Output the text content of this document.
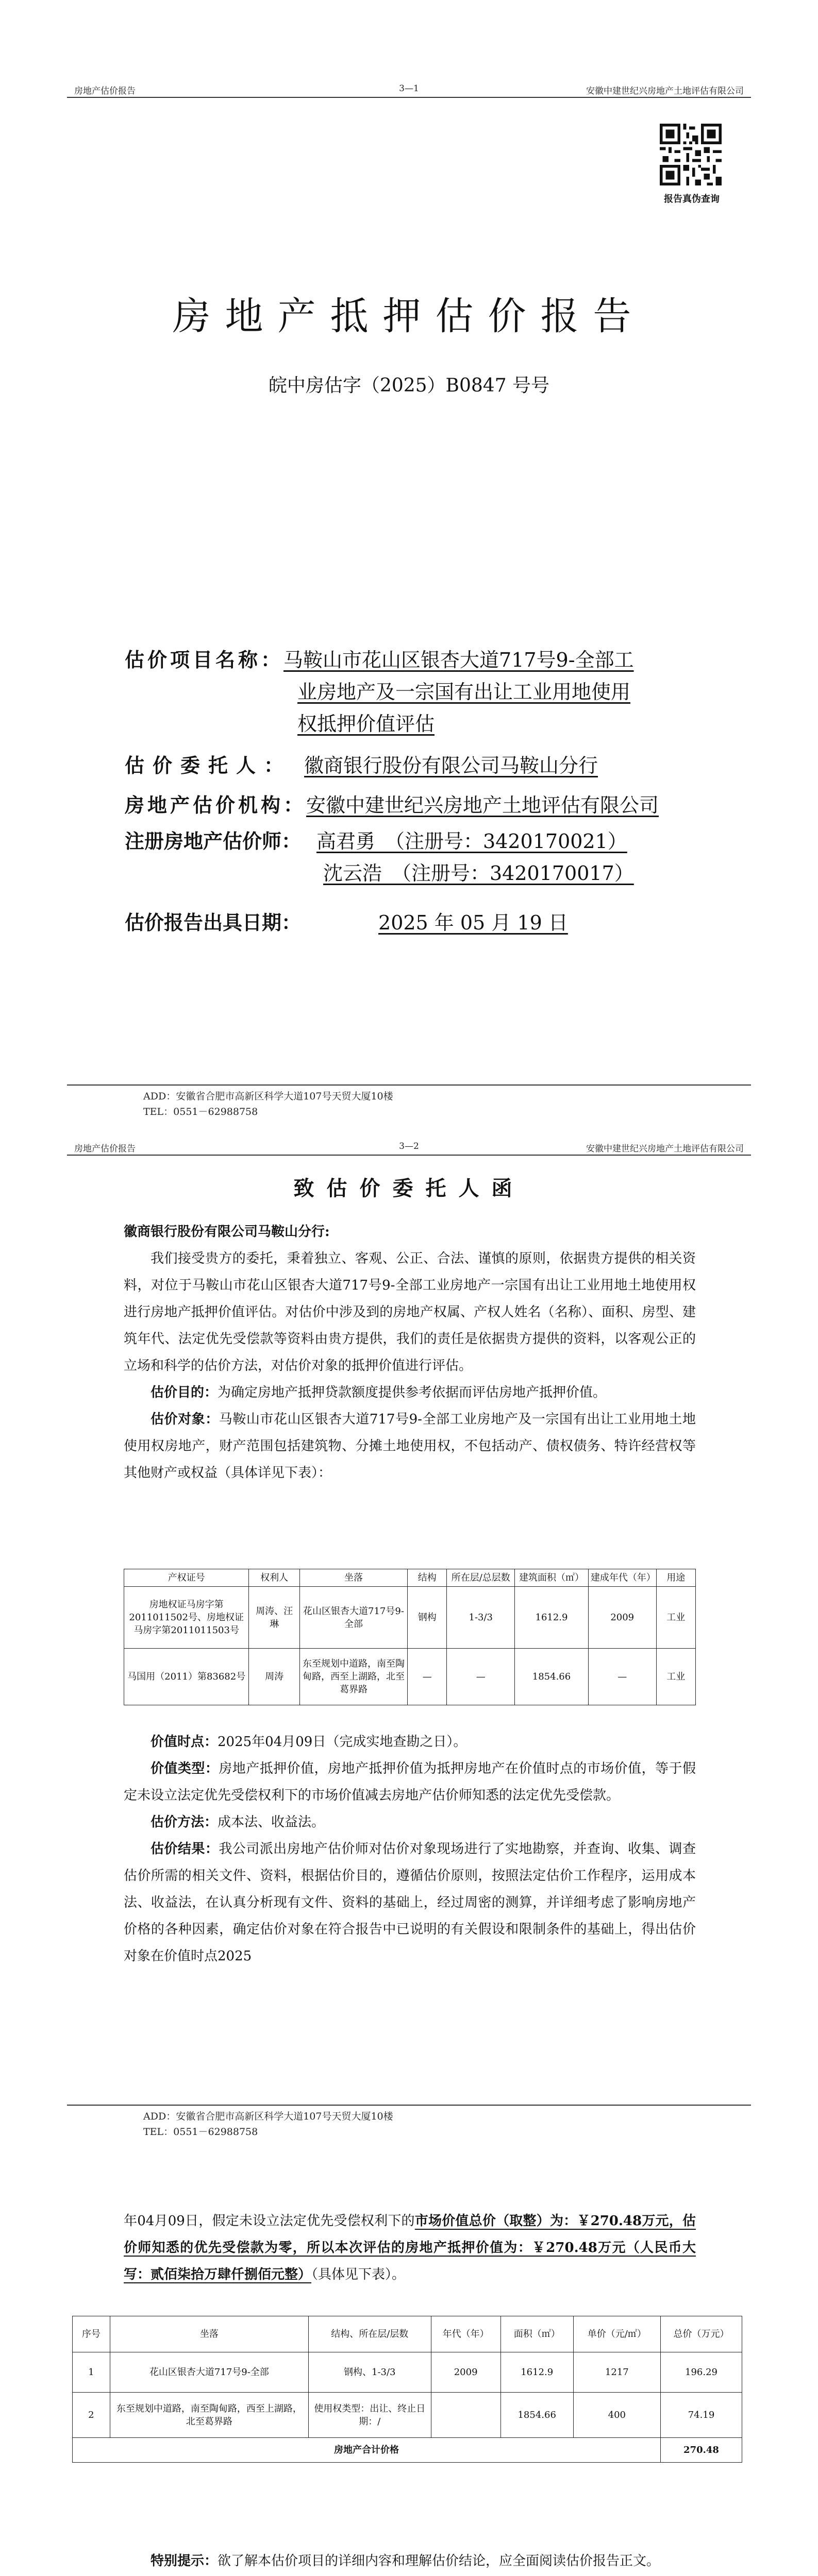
房地产估价报告	3—1	安徽中建世纪兴房地产土地评估有限公司
报告真伪查询
房地产抵押估价报告
皖中房估字（2025）B0847 号号
估价项目名称：马鞍山市花山区银杏大道717号9-全部工
业房地产及一宗国有出让工业用地使用
权抵押价值评估
估价委托人： 徽商银行股份有限公司马鞍山分行
房地产估价机构：安徽中建世纪兴房地产土地评估有限公司
注册房地产估价师： 高君勇　（注册号：3420170021）
沈云浩　（注册号：3420170017）
估价报告出具日期：	2025 年 05 月 19 日
ADD：安徽省合肥市高新区科学大道107号天贸大厦10楼
TEL：0551－62988758
房地产估价报告	3—2	安徽中建世纪兴房地产土地评估有限公司
致估价委托人函
徽商银行股份有限公司马鞍山分行:

我们接受贵方的委托，秉着独立、客观、公正、合法、谨慎的原则，依据贵方提供的相关资料，对位于马鞍山市花山区银杏大道717号9-全部工业房地产一宗国有出让工业用地土地使用权进行房地产抵押价值评估。对估价中涉及到的房地产权属、产权人姓名（名称）、面积、房型、建筑年代、法定优先受偿款等资料由贵方提供，我们的责任是依据贵方提供的资料，以客观公正的立场和科学的估价方法，对估价对象的抵押价值进行评估。

估价目的：为确定房地产抵押贷款额度提供参考依据而评估房地产抵押价值。

估价对象：马鞍山市花山区银杏大道717号9-全部工业房地产及一宗国有出让工业用地土地使用权房地产，财产范围包括建筑物、分摊土地使用权，不包括动产、债权债务、特许经营权等其他财产或权益（具体详见下表）：

产权证号	权利人	坐落	结构	所在层/总层数	建筑面积（㎡）	建成年代（年）	用途
房地权证马房字第2011011502号、房地权证马房字第2011011503号	周涛、汪琳	花山区银杏大道717号9-全部	钢构	1-3/3	1612.9	2009	工业
马国用（2011）第83682号	周涛	东至规划中道路，南至陶甸路，西至上湖路，北至葛界路	—	—	1854.66	—	工业

价值时点：2025年04月09日（完成实地查勘之日）。

价值类型：房地产抵押价值，房地产抵押价值为抵押房地产在价值时点的市场价值，等于假定未设立法定优先受偿权利下的市场价值减去房地产估价师知悉的法定优先受偿款。

估价方法：成本法、收益法。

估价结果：我公司派出房地产估价师对估价对象现场进行了实地勘察，并查询、收集、调查估价所需的相关文件、资料，根据估价目的，遵循估价原则，按照法定估价工作程序，运用成本法、收益法，在认真分析现有文件、资料的基础上，经过周密的测算，并详细考虑了影响房地产价格的各种因素，确定估价对象在符合报告中已说明的有关假设和限制条件的基础上，得出估价对象在价值时点2025

ADD：安徽省合肥市高新区科学大道107号天贸大厦10楼
TEL：0551－62988758

年04月09日，假定未设立法定优先受偿权利下的市场价值总价（取整）为：￥270.48万元，估价师知悉的优先受偿款为零，所以本次评估的房地产抵押价值为：￥270.48万元（人民币大写：贰佰柒拾万肆仟捌佰元整）（具体见下表）。

序号	坐落	结构、所在层/层数	年代（年）	面积（㎡）	单价（元/㎡）	总价（万元）
1	花山区银杏大道717号9-全部	钢构、1-3/3	2009	1612.9	1217	196.29
2	东至规划中道路，南至陶甸路，西至上湖路，北至葛界路	使用权类型：出让、终止日期：/		1854.66	400	74.19
房地产合计价格						270.48

特别提示：欲了解本估价项目的详细内容和理解估价结论，应全面阅读估价报告正文。
